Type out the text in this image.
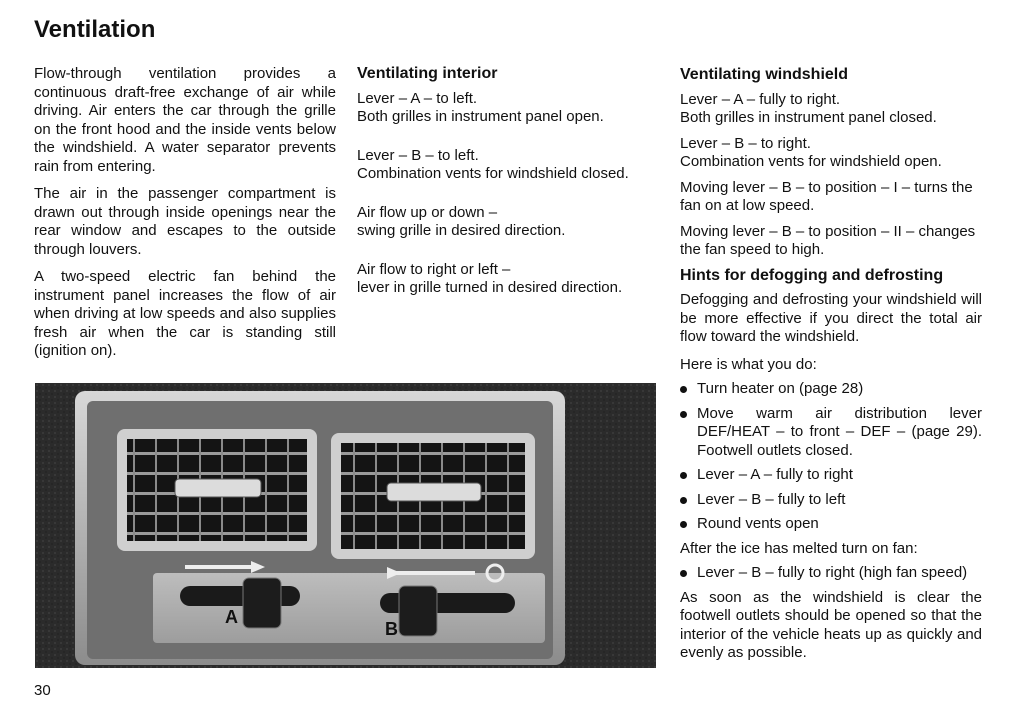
Ventilation

Flow-through ventilation provides a continuous draft-free exchange of air while driving. Air enters the car through the grille on the front hood and the inside vents below the windshield. A water separator prevents rain from entering.

The air in the passenger compartment is drawn out through inside openings near the rear window and escapes to the outside through louvers.

A two-speed electric fan behind the instrument panel increases the flow of air when driving at low speeds and also supplies fresh air when the car is standing still (ignition on).

Ventilating interior
Lever – A – to left.
Both grilles in instrument panel open.
Lever – B – to left.
Combination vents for windshield closed.
Air flow up or down –
swing grille in desired direction.
Air flow to right or left –
lever in grille turned in desired direction.
Ventilating windshield
Lever – A – fully to right.
Both grilles in instrument panel closed.
Lever – B – to right.
Combination vents for windshield open.
Moving lever – B – to position – I – turns the fan on at low speed.
Moving lever – B – to position – II – changes the fan speed to high.
Hints for defogging and defrosting

Defogging and defrosting your windshield will be more effective if you direct the total air flow toward the windshield.

Here is what you do:

Turn heater on (page 28)
Move warm air distribution lever DEF/HEAT – to front – DEF – (page 29). Footwell outlets closed.
Lever – A – fully to right
Lever – B – fully to left
Round vents open

After the ice has melted turn on fan:

Lever – B – fully to right (high fan speed)

As soon as the windshield is clear the footwell outlets should be opened so that the interior of the vehicle heats up as quickly and evenly as possible.

A
B
30
